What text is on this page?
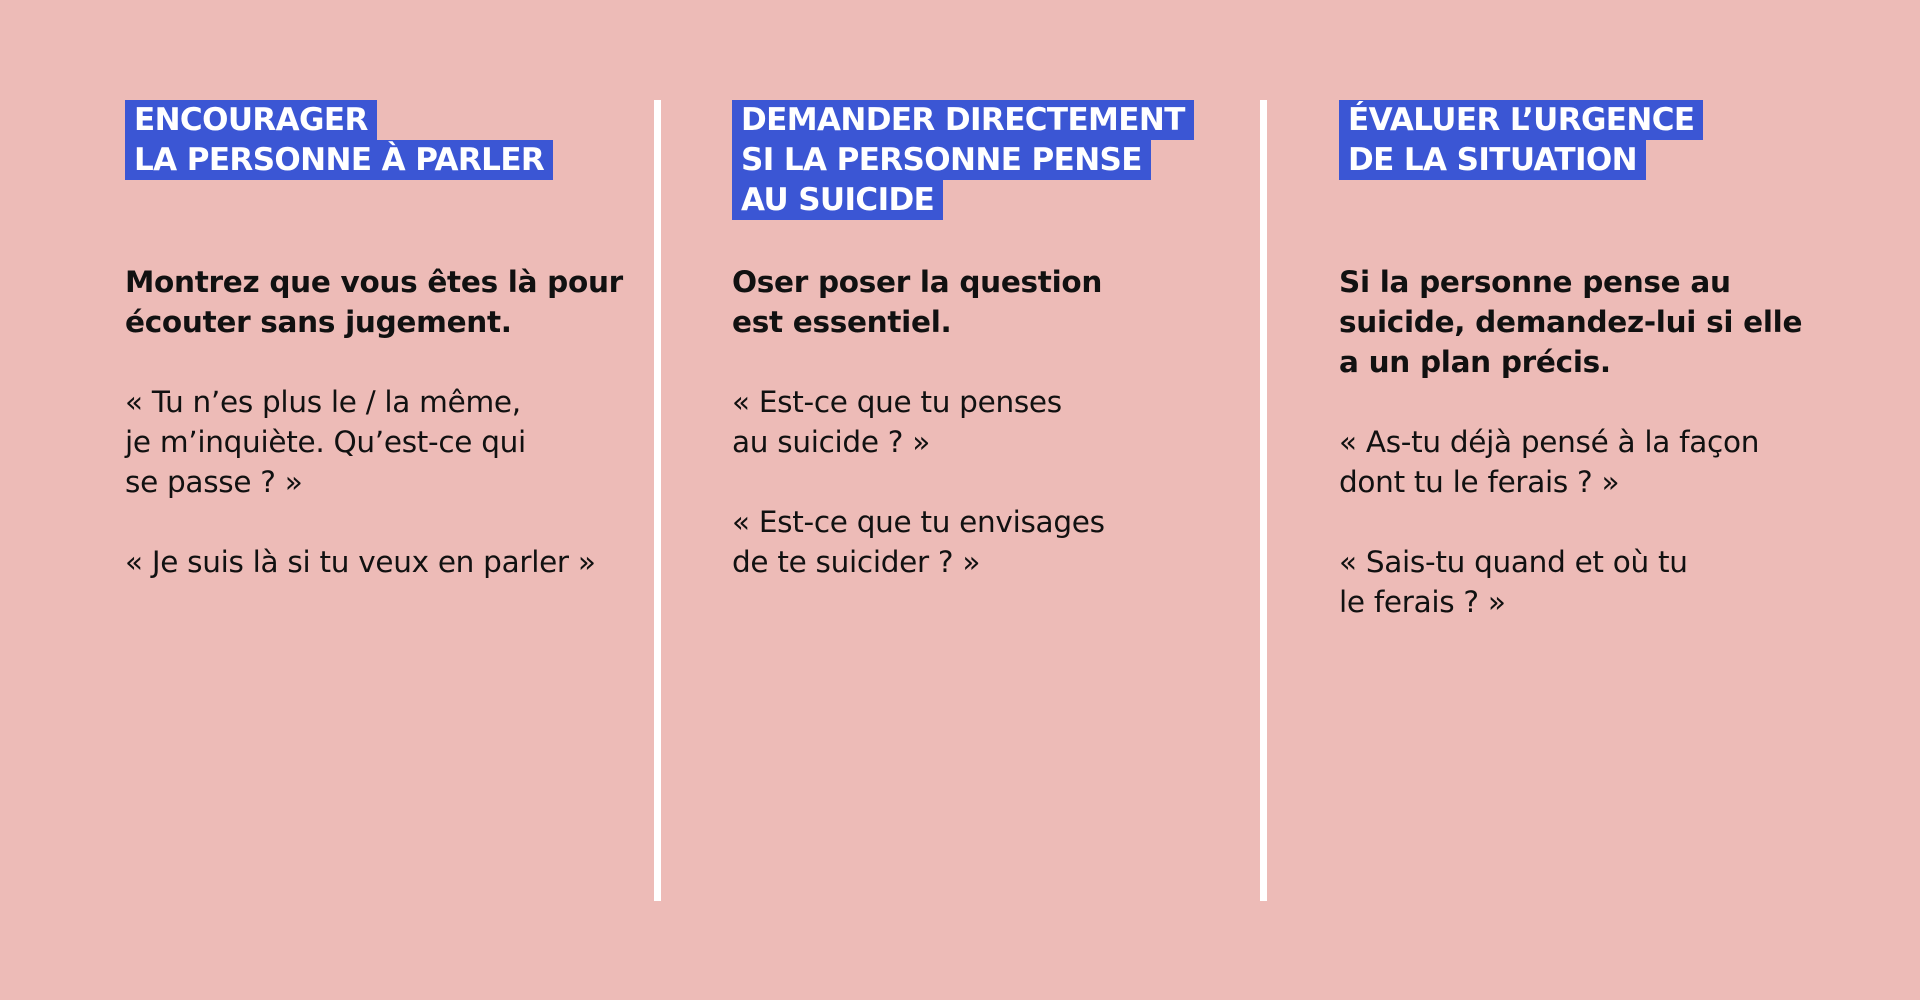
ENCOURAGER
LA PERSONNE À PARLER

Montrez que vous êtes là pour
écouter sans jugement.

« Tu n’es plus le / la même,
je m’inquiète. Qu’est-ce qui
se passe ? »

« Je suis là si tu veux en parler »

DEMANDER DIRECTEMENT
SI LA PERSONNE PENSE
AU SUICIDE

Oser poser la question
est essentiel.

« Est-ce que tu penses
au suicide ? »

« Est-ce que tu envisages
de te suicider ? »

ÉVALUER L’URGENCE
DE LA SITUATION

Si la personne pense au
suicide, demandez-lui si elle
a un plan précis.

« As-tu déjà pensé à la façon
dont tu le ferais ? »

« Sais-tu quand et où tu
le ferais ? »
